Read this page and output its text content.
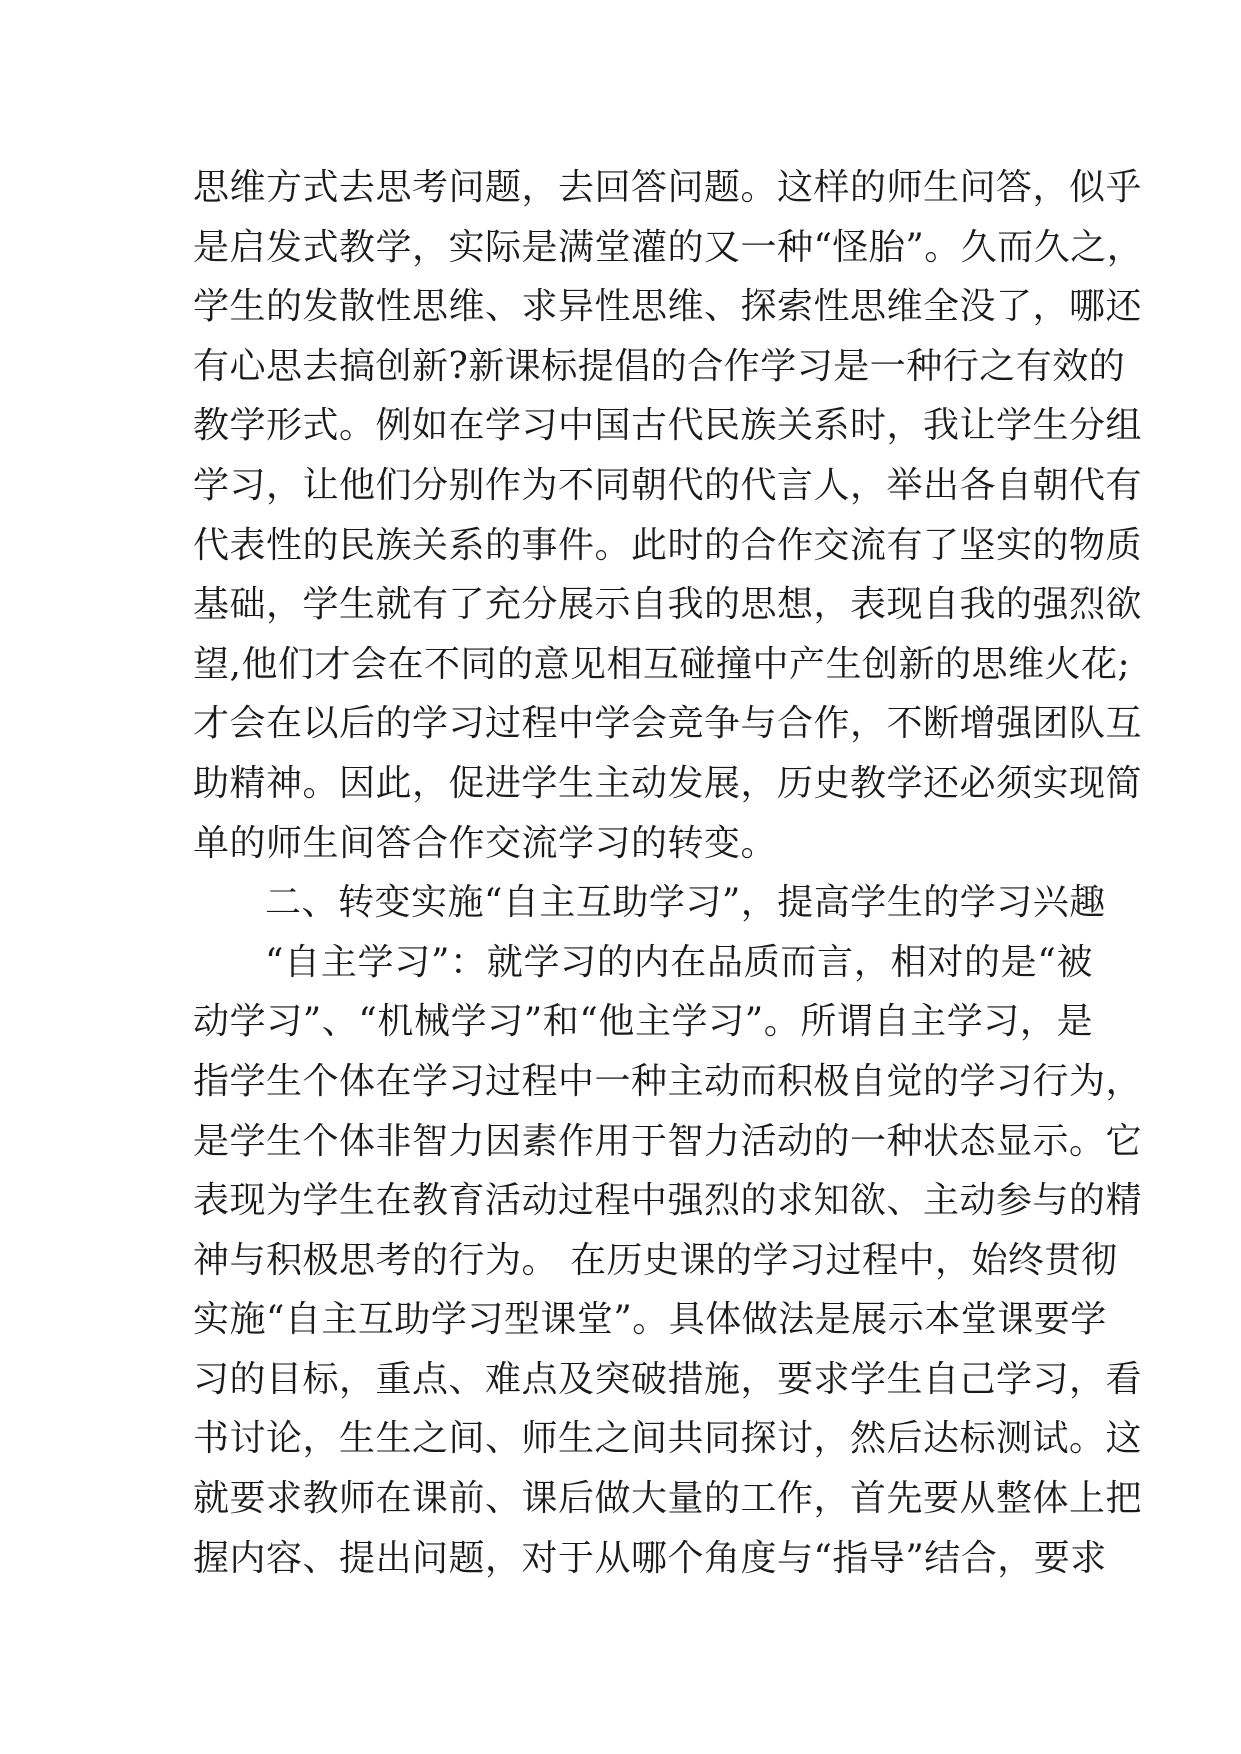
思维方式去思考问题，去回答问题。这样的师生问答，似乎
是启发式教学，实际是满堂灌的又一种“怪胎”。久而久之，
学生的发散性思维、求异性思维、探索性思维全没了，哪还
有心思去搞创新?新课标提倡的合作学习是一种行之有效的
教学形式。例如在学习中国古代民族关系时，我让学生分组
学习，让他们分别作为不同朝代的代言人，举出各自朝代有
代表性的民族关系的事件。此时的合作交流有了坚实的物质
基础，学生就有了充分展示自我的思想，表现自我的强烈欲
望,他们才会在不同的意见相互碰撞中产生创新的思维火花;
才会在以后的学习过程中学会竞争与合作，不断增强团队互
助精神。因此，促进学生主动发展，历史教学还必须实现简
单的师生间答合作交流学习的转变。
二、转变实施“自主互助学习”，提高学生的学习兴趣
“自主学习”：就学习的内在品质而言，相对的是“被
动学习”、“机械学习”和“他主学习”。所谓自主学习，是
指学生个体在学习过程中一种主动而积极自觉的学习行为，
是学生个体非智力因素作用于智力活动的一种状态显示。它
表现为学生在教育活动过程中强烈的求知欲、主动参与的精
神与积极思考的行为。 在历史课的学习过程中，始终贯彻
实施“自主互助学习型课堂”。具体做法是展示本堂课要学
习的目标，重点、难点及突破措施，要求学生自己学习，看
书讨论，生生之间、师生之间共同探讨，然后达标测试。这
就要求教师在课前、课后做大量的工作，首先要从整体上把
握内容、提出问题，对于从哪个角度与“指导”结合，要求
